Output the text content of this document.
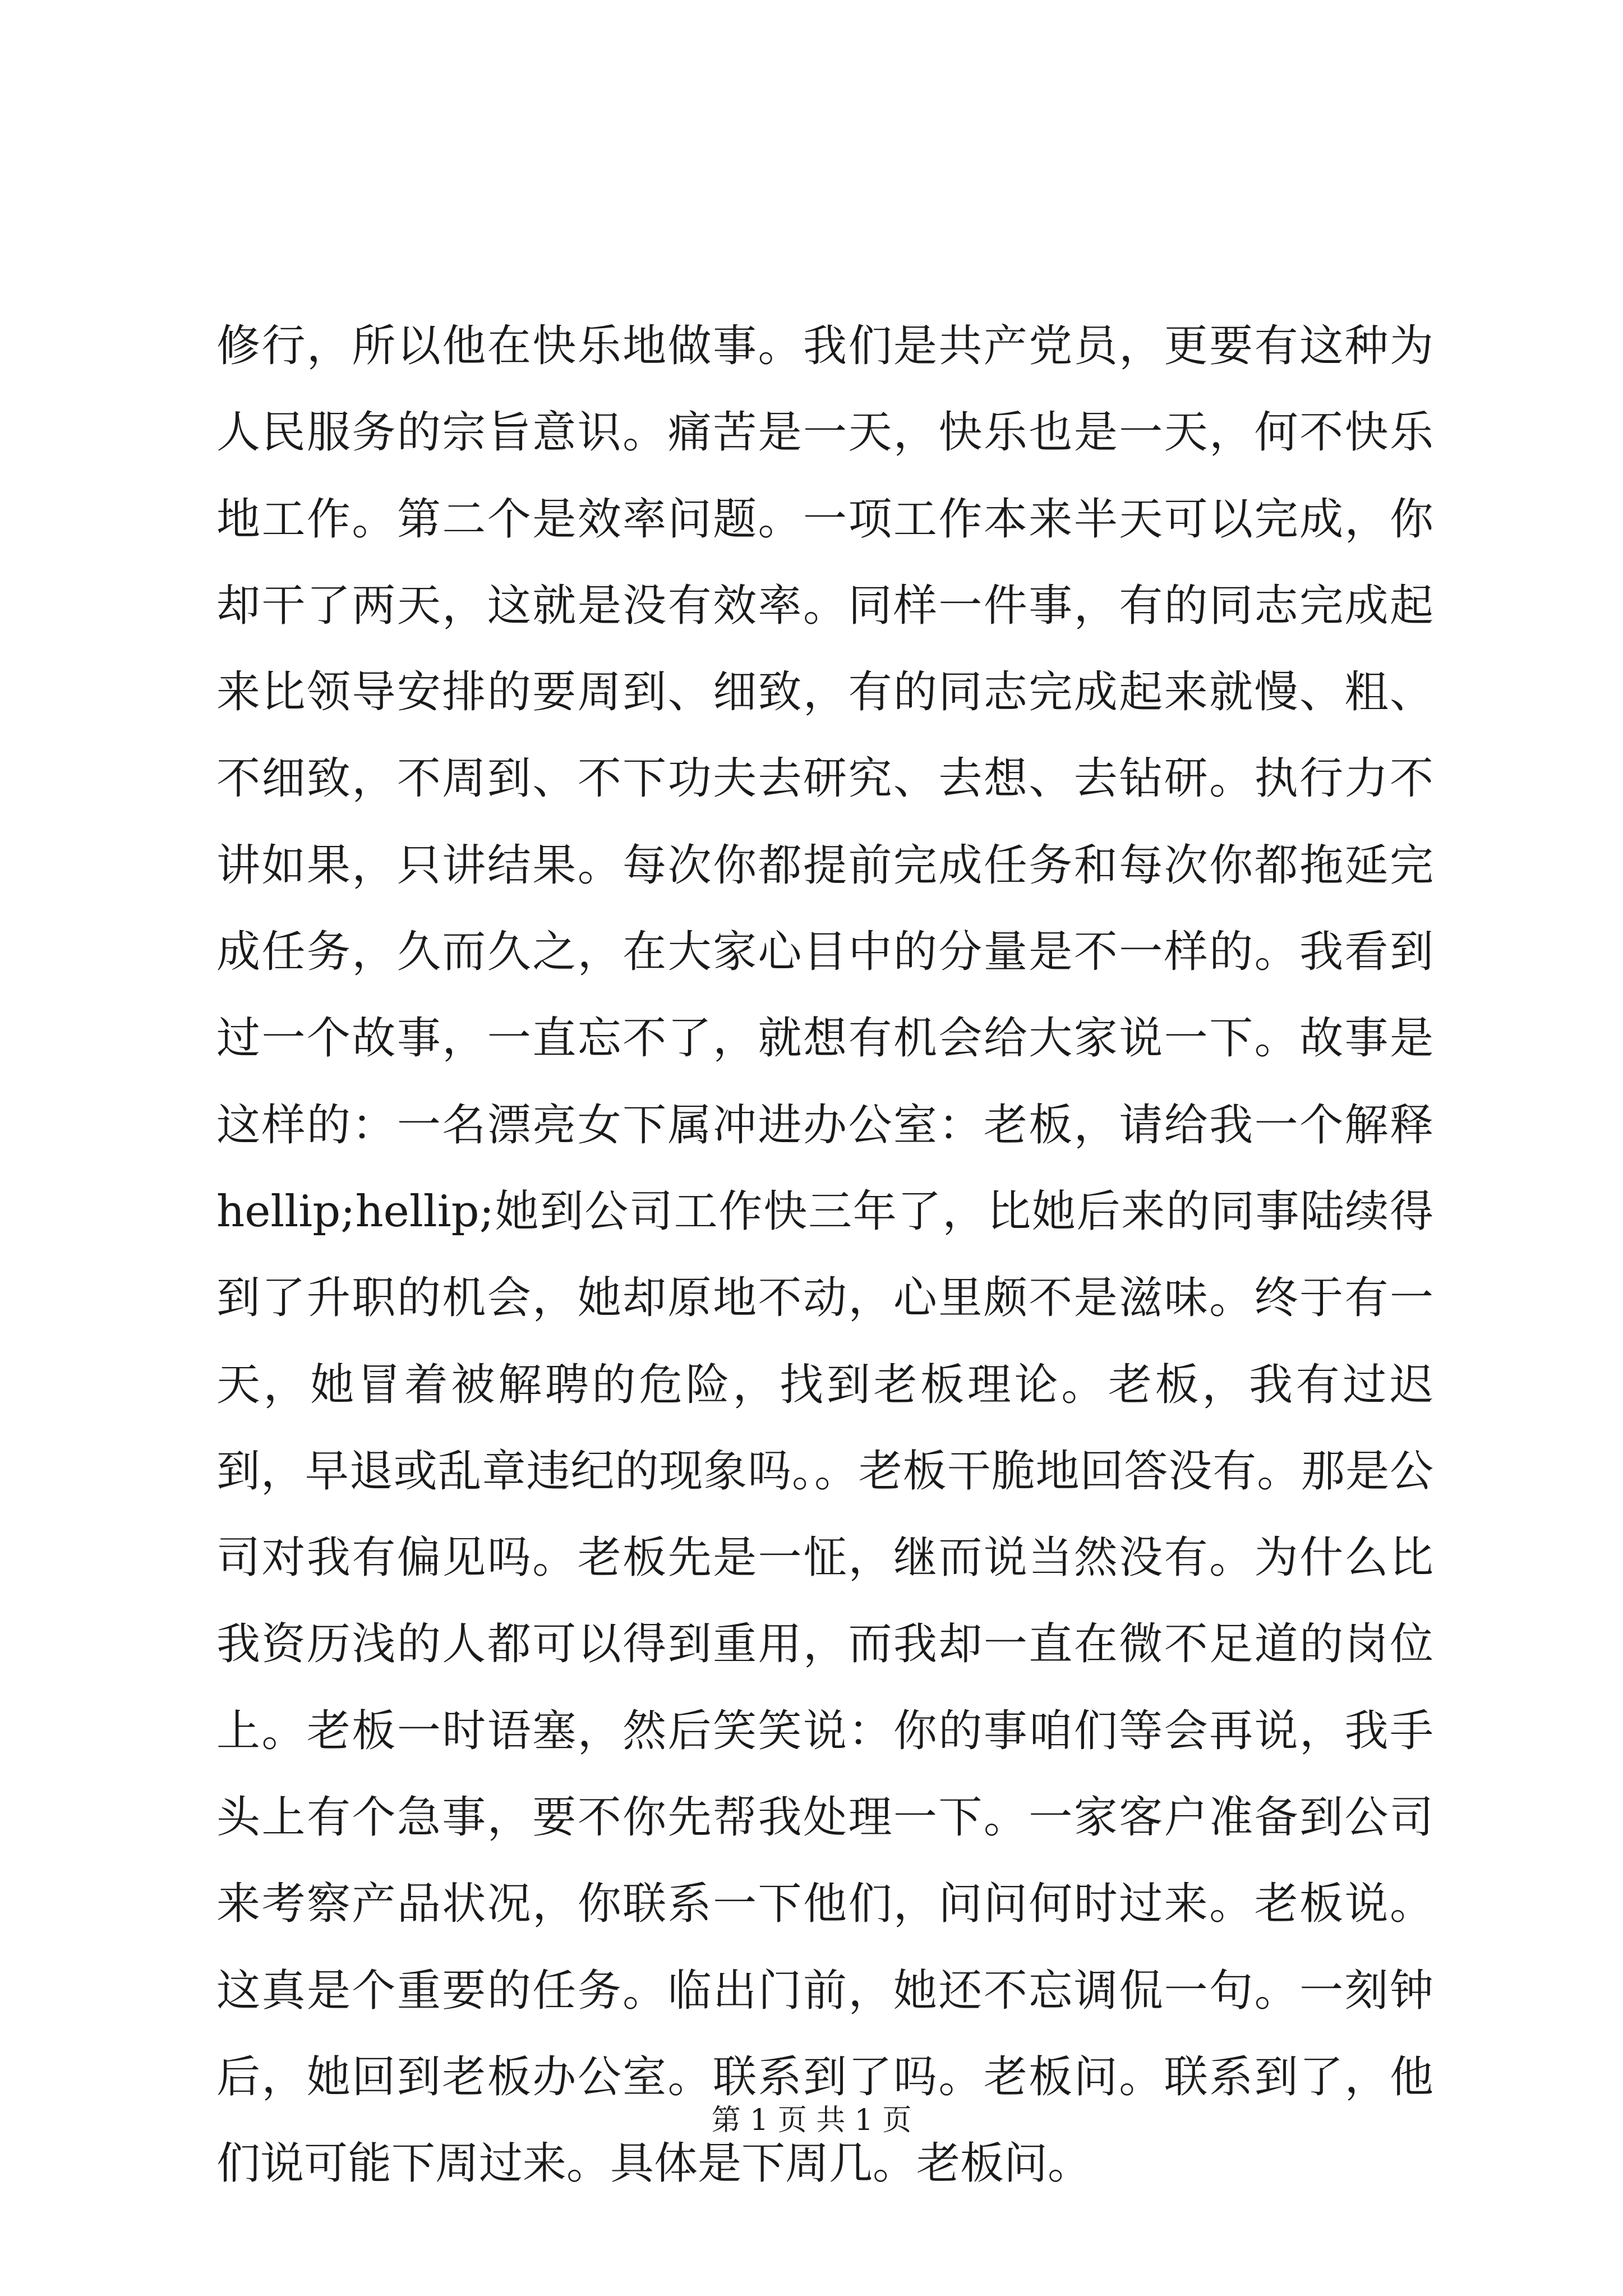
修行，所以他在快乐地做事。我们是共产党员，更要有这种为人民服务的宗旨意识。痛苦是一天，快乐也是一天，何不快乐地工作。第二个是效率问题。一项工作本来半天可以完成，你却干了两天，这就是没有效率。同样一件事，有的同志完成起来比领导安排的要周到、细致，有的同志完成起来就慢、粗、不细致，不周到、不下功夫去研究、去想、去钻研。执行力不讲如果，只讲结果。每次你都提前完成任务和每次你都拖延完成任务，久而久之，在大家心目中的分量是不一样的。我看到过一个故事，一直忘不了，就想有机会给大家说一下。故事是这样的：一名漂亮女下属冲进办公室：老板，请给我一个解释hellip;hellip;她到公司工作快三年了，比她后来的同事陆续得到了升职的机会，她却原地不动，心里颇不是滋味。终于有一天，她冒着被解聘的危险，找到老板理论。老板，我有过迟到，早退或乱章违纪的现象吗。。老板干脆地回答没有。那是公司对我有偏见吗。老板先是一怔，继而说当然没有。为什么比我资历浅的人都可以得到重用，而我却一直在微不足道的岗位上。老板一时语塞，然后笑笑说：你的事咱们等会再说，我手头上有个急事，要不你先帮我处理一下。一家客户准备到公司来考察产品状况，你联系一下他们，问问何时过来。老板说。这真是个重要的任务。临出门前，她还不忘调侃一句。一刻钟后，她回到老板办公室。联系到了吗。老板问。联系到了，他们说可能下周过来。具体是下周几。老板问。

第 1 页 共 1 页
